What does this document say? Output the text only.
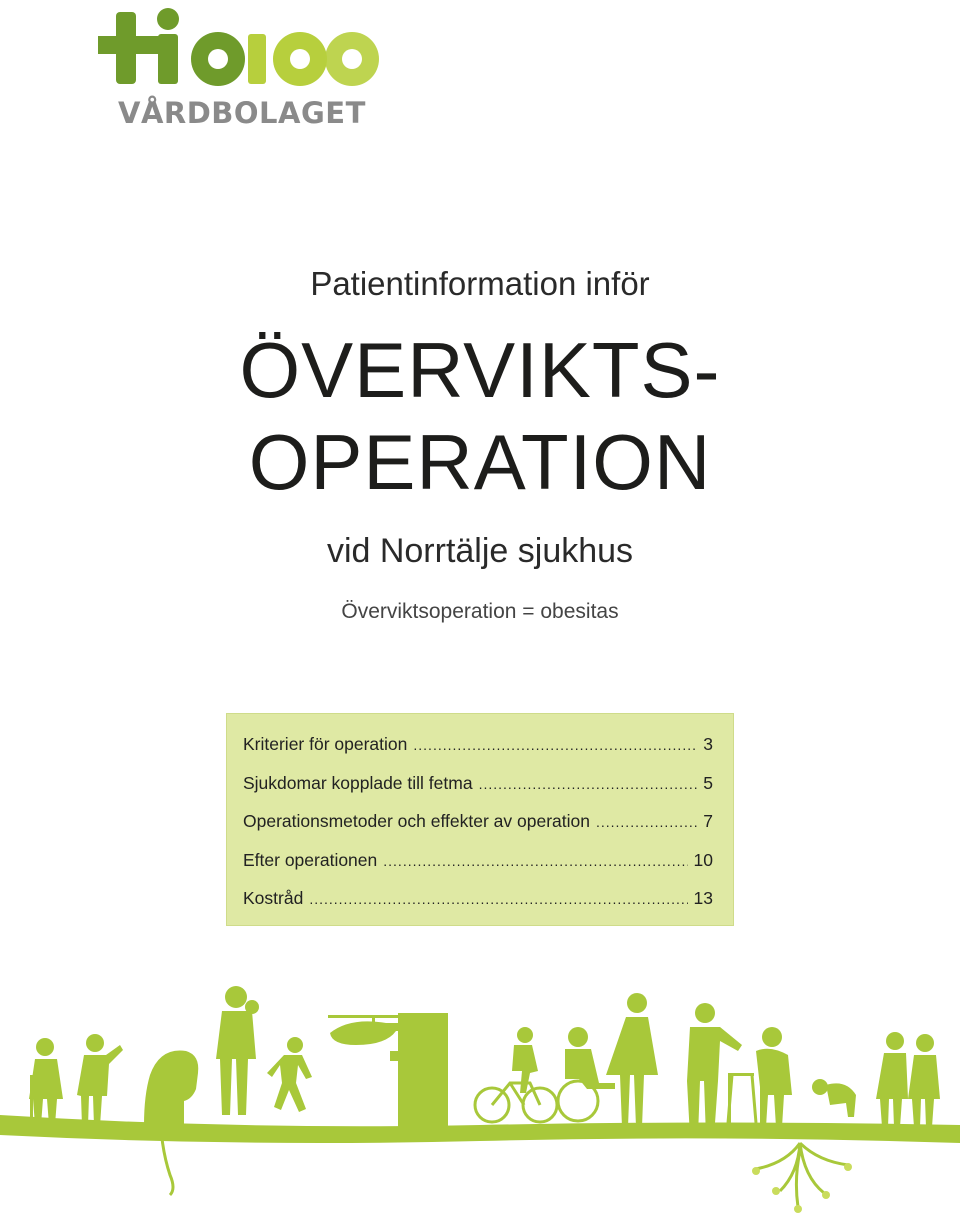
VÅRDBOLAGET
Patientinformation inför
ÖVERVIKTS-
OPERATION
vid Norrtälje sjukhus
Överviktsoperation = obesitas
Kriterier för operation .....	3
Sjukdomar kopplade till fetma .....	5
Operationsmetoder och effekter av operation .....	7
Efter operationen .....	10
Kostråd .....	13
